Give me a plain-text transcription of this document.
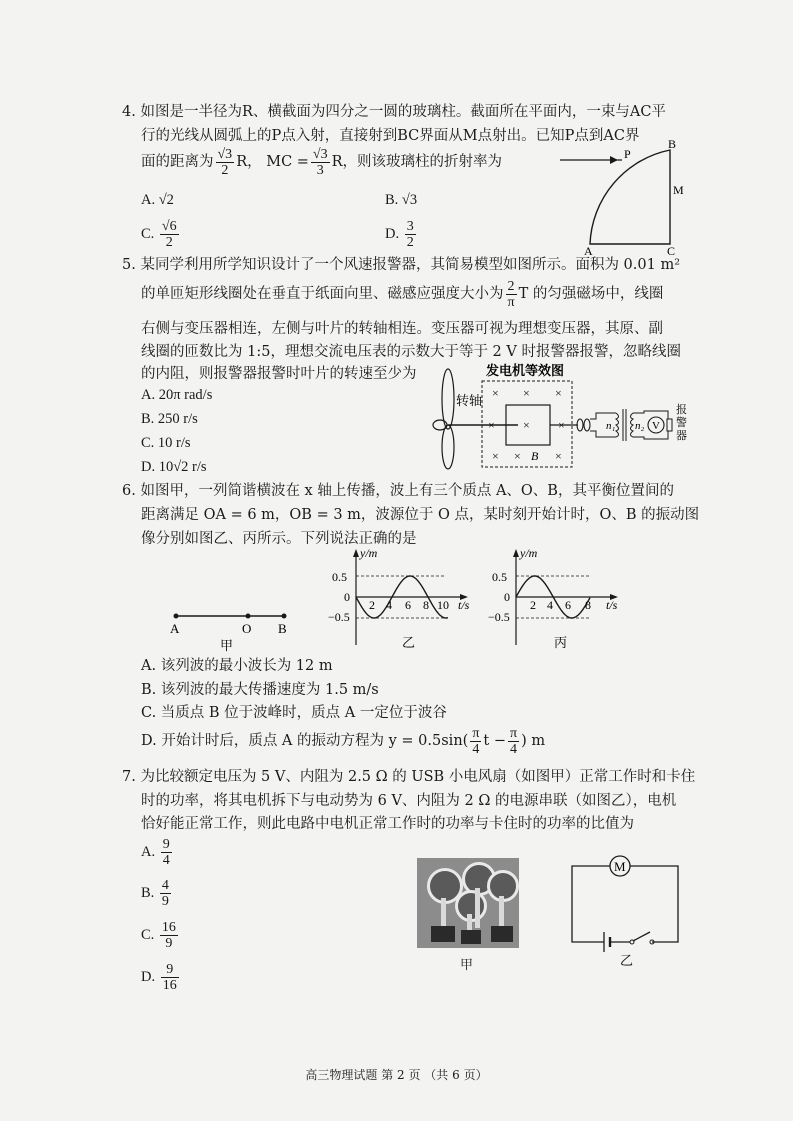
4. 如图是一半径为R、横截面为四分之一圆的玻璃柱。截面所在平面内，一束与AC平
行的光线从圆弧上的P点入射，直接射到BC界面从M点射出。已知P点到AC界
面的距离为 $\frac{√3}{2}$ R， MC = $\frac{√3}{3}$ R，则该玻璃柱的折射率为
A. √2	B. √3
C. $\frac{√6}{2}$	D. $\frac{3}{2}$
P
B
M
A	C
5. 某同学利用所学知识设计了一个风速报警器，其简易模型如图所示。面积为 0.01 m²
的单匝矩形线圈处在垂直于纸面向里、磁感应强度大小为 $\frac{2}{\pi}$ T 的匀强磁场中，线圈
右侧与变压器相连，左侧与叶片的转轴相连。变压器可视为理想变压器，其原、副
线圈的匝数比为 1:5，理想交流电压表的示数大于等于 2 V 时报警器报警，忽略线圈
的内阻，则报警器报警时叶片的转速至少为
A. 20π rad/s
B. 250 r/s
C. 10 r/s
D. 10√2 r/s
转轴
发电机等效图
× × ×
× × ×
× × B ×
n₁ n₂ V
报
警
器
6. 如图甲，一列简谐横波在 x 轴上传播，波上有三个质点 A、O、B，其平衡位置间的
距离满足 OA = 6 m，OB = 3 m，波源位于 O 点，某时刻开始计时，O、B 的振动图
像分别如图乙、丙所示。下列说法正确的是
A	O B
甲
y/m
t/s
0.5
0
−0.5
2 4 6 8 10
乙
y/m
t/s
0.5
0
−0.5
2 4 6 8
丙
A. 该列波的最小波长为 12 m
B. 该列波的最大传播速度为 1.5 m/s
C. 当质点 B 位于波峰时，质点 A 一定位于波谷
D. 开始计时后，质点 A 的振动方程为 $y = 0.5\sin( \frac{\pi}{4}$ $t - \frac{\pi}{4}$ ) m
7. 为比较额定电压为 5 V、内阻为 2.5 Ω 的 USB 小电风扇（如图甲）正常工作时和卡住
时的功率，将其电机拆下与电动势为 6 V、内阻为 2 Ω 的电源串联（如图乙），电机
恰好能正常工作，则此电路中电机正常工作时的功率与卡住时的功率的比值为
A. $\frac{9}{4}$
B. $\frac{4}{9}$
C. $\frac{16}{9}$
D. $\frac{9}{16}$	甲
M
乙
高三物理试题 第 2 页 （共 6 页）
